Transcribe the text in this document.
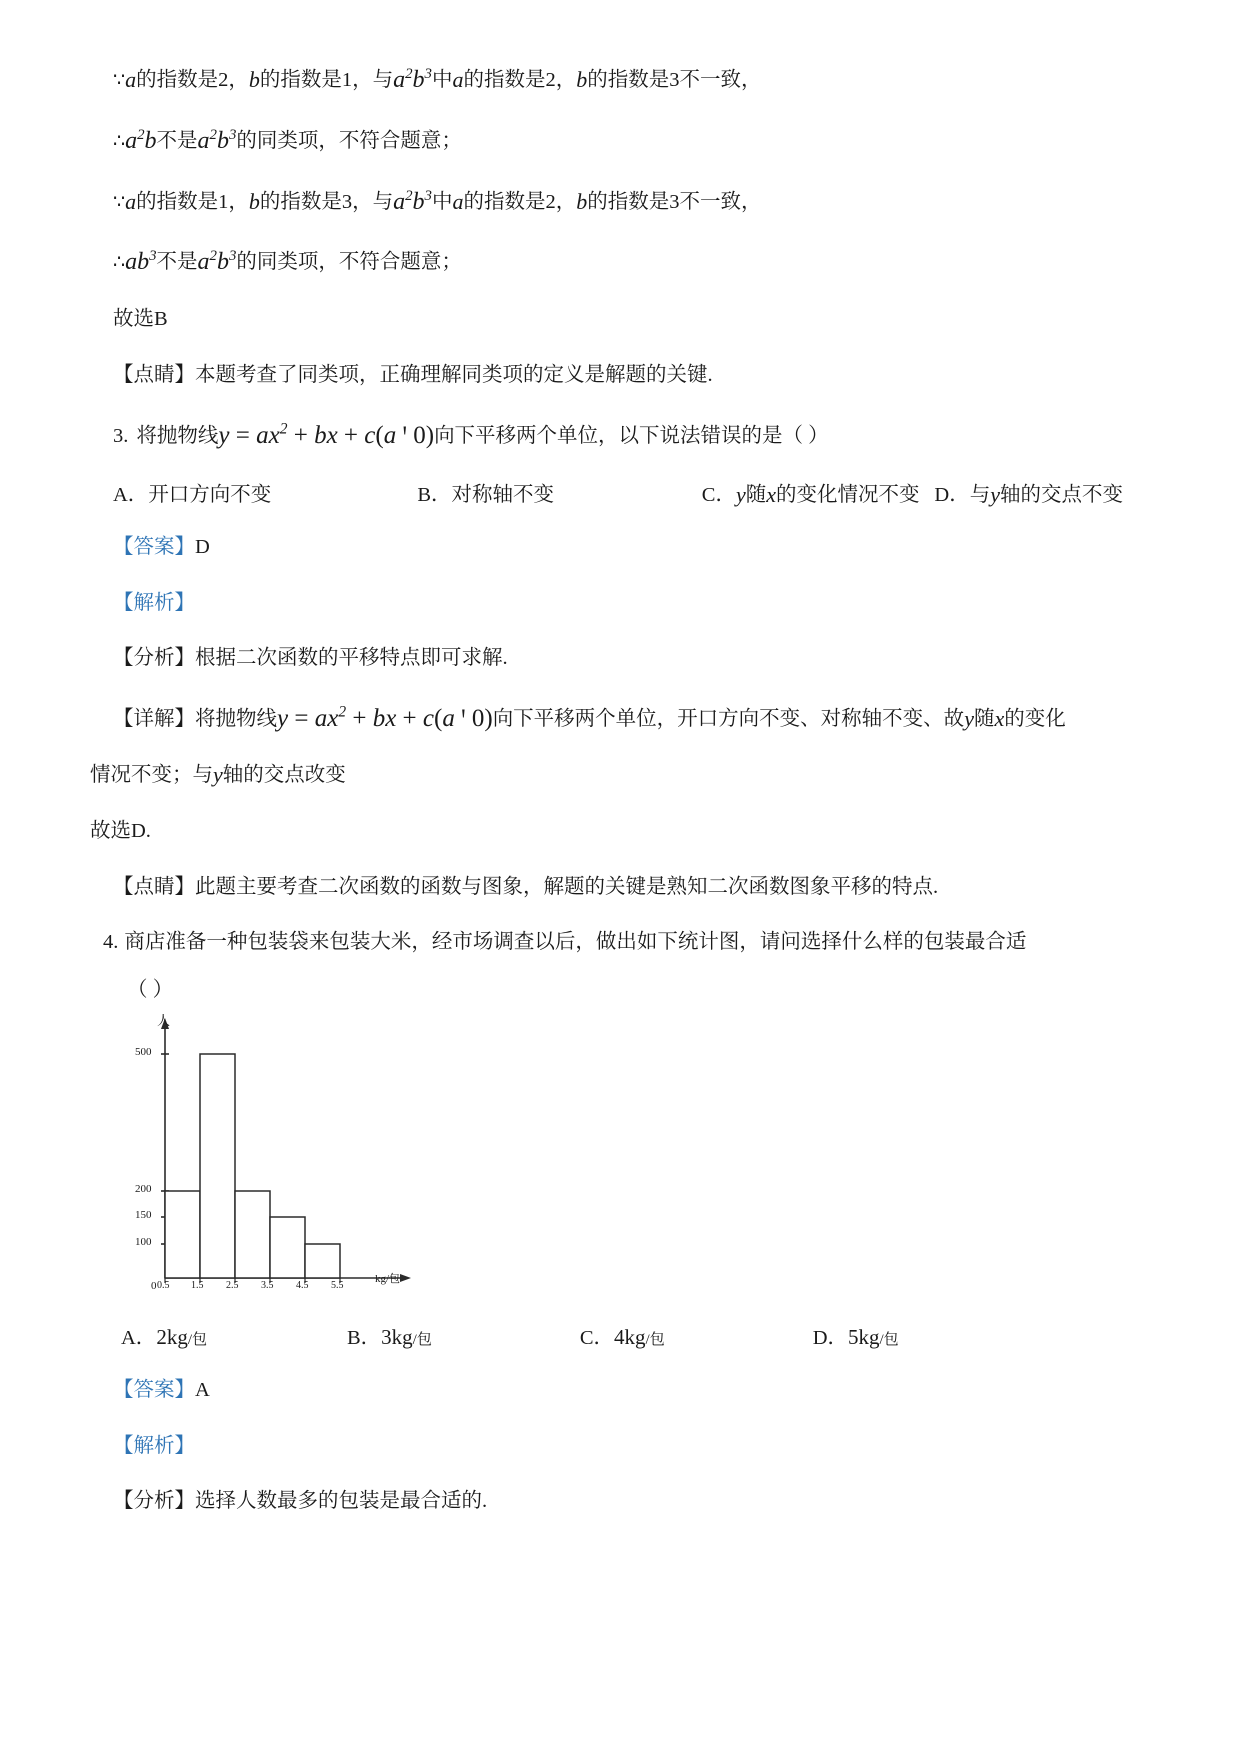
∵a的指数是2，b的指数是1，与$a^2b^3$中a的指数是2，b的指数是3不一致，

$\therefore a^2b$不是$a^2b^3$的同类项，不符合题意；

∵a的指数是1，b的指数是3，与$a^2b^3$中a的指数是2，b的指数是3不一致，

$\therefore ab^3$不是$a^2b^3$的同类项，不符合题意；

故选B

【点睛】本题考查了同类项，正确理解同类项的定义是解题的关键.

3. 将抛物线$y = ax^2$ + bx + c(a ꞌ 0)向下平移两个单位，以下说法错误的是（ ）

A．开口方向不变	B．对称轴不变	C．y随x的变化情况不变 D．与y轴的交点不变

【答案】D

【解析】

【分析】根据二次函数的平移特点即可求解.

【详解】将抛物线$y = ax^2$ + bx + c(a ꞌ 0)向下平移两个单位，开口方向不变、对称轴不变、故y随x的变化

情况不变；与y轴的交点改变

故选D.

【点睛】此题主要考查二次函数的函数与图象，解题的关键是熟知二次函数图象平移的特点.

4. 商店准备一种包装袋来包装大米，经市场调查以后，做出如下统计图，请问选择什么样的包装最合适

（ ）

人
500
200
150
100
0 0.5 1.5 2.5 3.5 4.5 5.5
kg/包
A． 2kg /包	B． 3kg /包	C． 4kg /包	D． 5kg /包

【答案】A

【解析】

【分析】选择人数最多的包装是最合适的.
